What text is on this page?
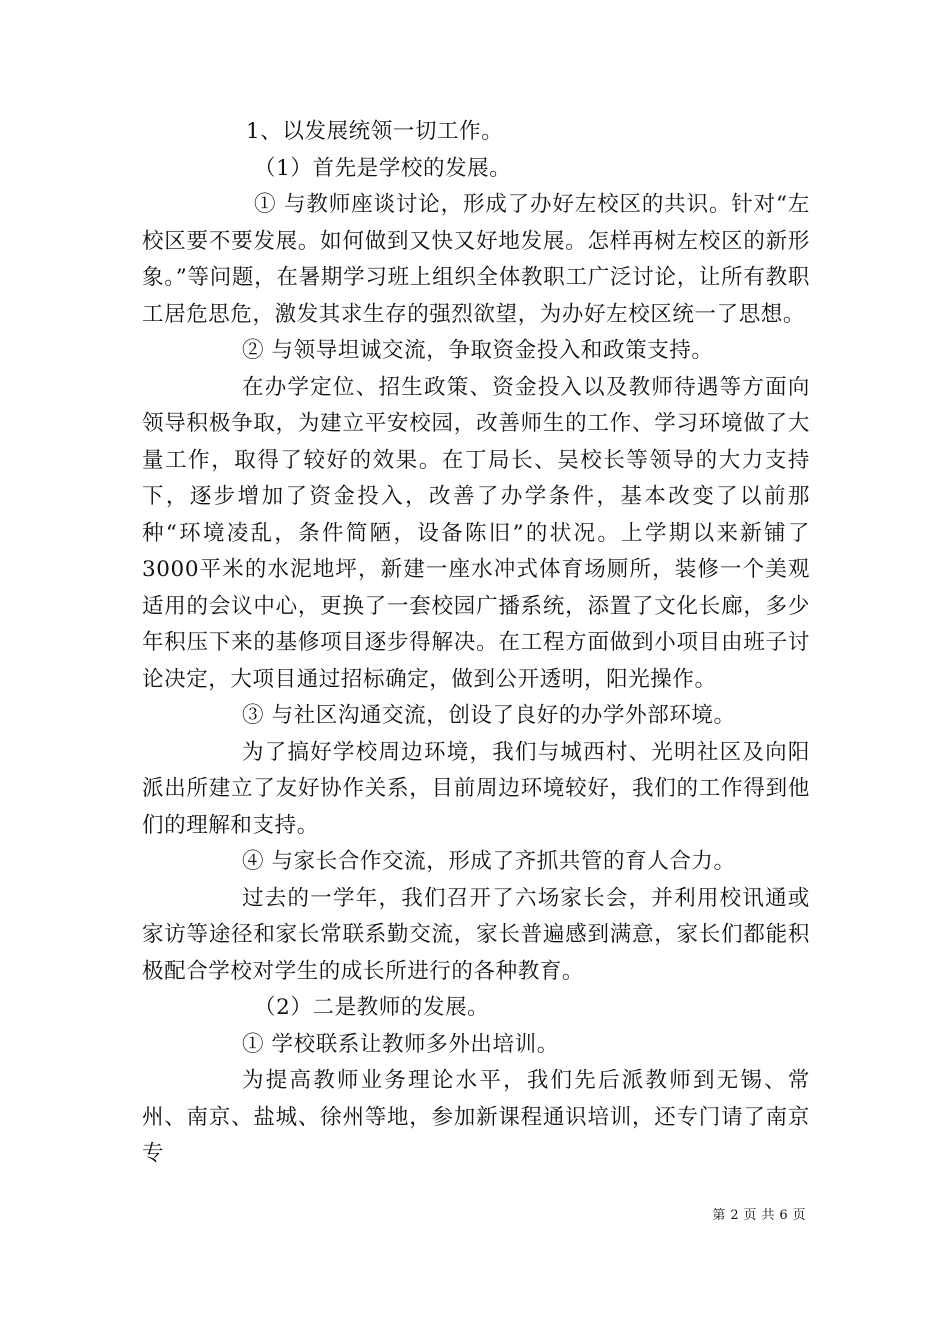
1、以发展统领一切工作。

（1）首先是学校的发展。

① 与教师座谈讨论，形成了办好左校区的共识。针对“左校区要不要发展。如何做到又快又好地发展。怎样再树左校区的新形象。”等问题，在暑期学习班上组织全体教职工广泛讨论，让所有教职工居危思危，激发其求生存的强烈欲望，为办好左校区统一了思想。

② 与领导坦诚交流，争取资金投入和政策支持。

在办学定位、招生政策、资金投入以及教师待遇等方面向领导积极争取，为建立平安校园，改善师生的工作、学习环境做了大量工作，取得了较好的效果。在丁局长、吴校长等领导的大力支持下，逐步增加了资金投入，改善了办学条件，基本改变了以前那种“环境凌乱，条件简陋，设备陈旧”的状况。上学期以来新铺了3000平米的水泥地坪，新建一座水冲式体育场厕所，装修一个美观适用的会议中心，更换了一套校园广播系统，添置了文化长廊，多少年积压下来的基修项目逐步得解决。在工程方面做到小项目由班子讨论决定，大项目通过招标确定，做到公开透明，阳光操作。

③ 与社区沟通交流，创设了良好的办学外部环境。

为了搞好学校周边环境，我们与城西村、光明社区及向阳派出所建立了友好协作关系，目前周边环境较好，我们的工作得到他们的理解和支持。

④ 与家长合作交流，形成了齐抓共管的育人合力。

过去的一学年，我们召开了六场家长会，并利用校讯通或家访等途径和家长常联系勤交流，家长普遍感到满意，家长们都能积极配合学校对学生的成长所进行的各种教育。

（2）二是教师的发展。

① 学校联系让教师多外出培训。

为提高教师业务理论水平，我们先后派教师到无锡、常州、南京、盐城、徐州等地，参加新课程通识培训，还专门请了南京专

第 2 页 共 6 页
